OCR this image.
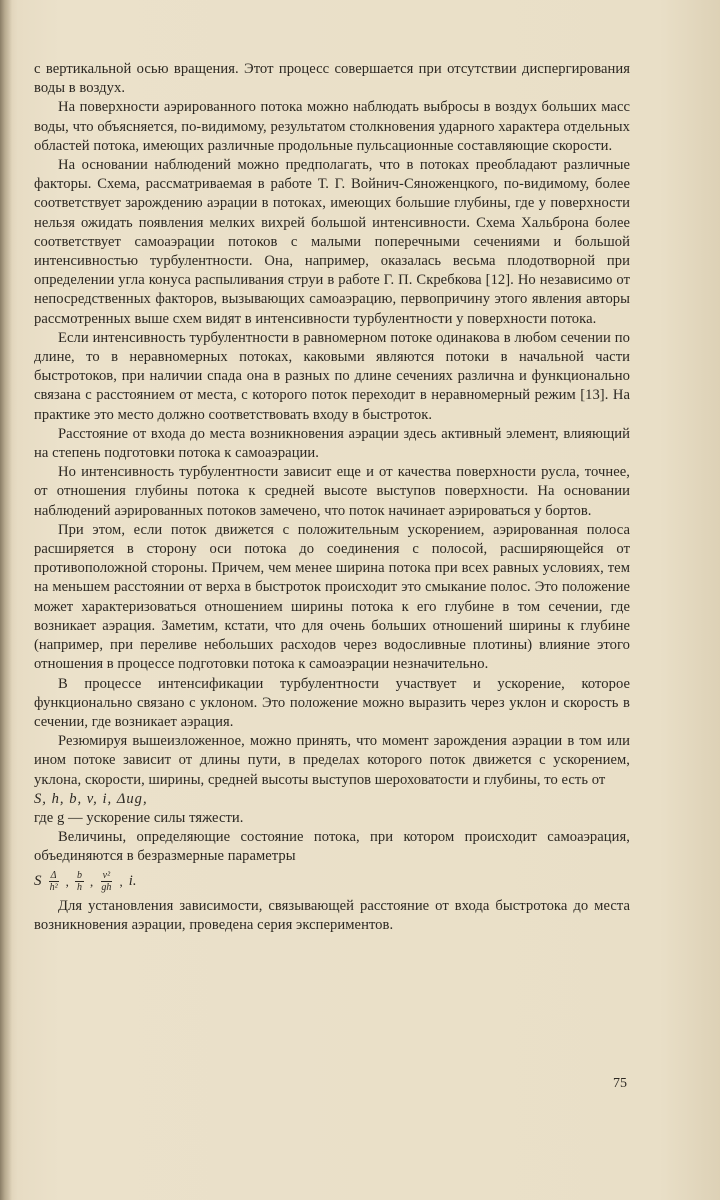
с вертикальной осью вращения. Этот процесс совершается при отсутствии диспергирования воды в воздух.

На поверхности аэрированного потока можно наблюдать выбросы в воздух больших масс воды, что объясняется, по-видимому, результатом столкновения ударного характера отдельных областей потока, имеющих различные продольные пульсационные составляющие скорости.

На основании наблюдений можно предполагать, что в потоках преобладают различные факторы. Схема, рассматриваемая в работе Т. Г. Войнич-Сяноженцкого, по-видимому, более соответствует зарождению аэрации в потоках, имеющих большие глубины, где у поверхности нельзя ожидать появления мелких вихрей большой интенсивности. Схема Хальброна более соответствует самоаэрации потоков с малыми поперечными сечениями и большой интенсивностью турбулентности. Она, например, оказалась весьма плодотворной при определении угла конуса распыливания струи в работе Г. П. Скребкова [12]. Но независимо от непосредственных факторов, вызывающих самоаэрацию, первопричину этого явления авторы рассмотренных выше схем видят в интенсивности турбулентности у поверхности потока.

Если интенсивность турбулентности в равномерном потоке одинакова в любом сечении по длине, то в неравномерных потоках, каковыми являются потоки в начальной части быстротоков, при наличии спада она в разных по длине сечениях различна и функционально связана с расстоянием от места, с которого поток переходит в неравномерный режим [13]. На практике это место должно соответствовать входу в быстроток.

Расстояние от входа до места возникновения аэрации здесь активный элемент, влияющий на степень подготовки потока к самоаэрации.

Но интенсивность турбулентности зависит еще и от качества поверхности русла, точнее, от отношения глубины потока к средней высоте выступов поверхности. На основании наблюдений аэрированных потоков замечено, что поток начинает аэрироваться у бортов.

При этом, если поток движется с положительным ускорением, аэрированная полоса расширяется в сторону оси потока до соединения с полосой, расширяющейся от противоположной стороны. Причем, чем менее ширина потока при всех равных условиях, тем на меньшем расстоянии от верха в быстроток происходит это смыкание полос. Это положение может характеризоваться отношением ширины потока к его глубине в том сечении, где возникает аэрация. Заметим, кстати, что для очень больших отношений ширины к глубине (например, при переливе небольших расходов через водосливные плотины) влияние этого отношения в процессе подготовки потока к самоаэрации незначительно.

В процессе интенсификации турбулентности участвует и ускорение, которое функционально связано с уклоном. Это положение можно выразить через уклон и скорость в сечении, где возникает аэрация.

Резюмируя вышеизложенное, можно принять, что момент зарождения аэрации в том или ином потоке зависит от длины пути, в пределах которого поток движется с ускорением, уклона, скорости, ширины, средней высоты выступов шероховатости и глубины, то есть от

S, h, b, v, i, Δиg,

где g — ускорение силы тяжести.

Величины, определяющие состояние потока, при котором происходит самоаэрация, объединяются в безразмерные параметры

S $\frac{\Delta}{\text{h²}}$ , $\frac{b}{h}$ , $\frac{\text{v²}}{gh}$ , i.

Для установления зависимости, связывающей расстояние от входа быстротока до места возникновения аэрации, проведена серия экспериментов.

75
